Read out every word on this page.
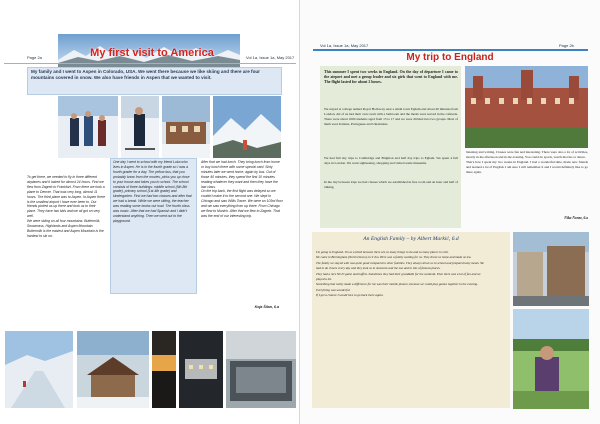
Page 2a	Vol 1a, Issue 1a, May 2017
My first visit to America
My family and I went to Aspen in Colorado, USA. We went there because we like skiing and there are four mountains covered in snow. We also have friends in Aspen that we wanted to visit.
To get there, we needed to fly in three different airplanes and it lasted for almost 24 hours. First we flew from Zagreb to Frankfurt. From there we took a plane to Denver. That was very long, almost 11 hours. The third plane was to Aspen. In Aspen there is the smallest airport I have ever been to. Our friends picked us up there and took us to their place. They have two kids and we all got on very well.
We were skiing on all four mountains: Buttermilk, Snowmass, Highlands and Aspen Mountain. Buttermilk is the easiest and Aspen Mountain is the hardest to ski on.
One day I went to school with my friend Luka who lives in Aspen. He is in the fourth grade so I was a fourth grader for a day. The yellow bus, that you probably know from the movies, picks you up close to your house and takes you to school. The school consists of three buildings: middle school (5th-8th grade), primary school (1st-4th grade) and kindergarten. First we had two classes and after that we had a break. While we were sitting, the teacher was reading some books out loud. The fourth class was music. After that we had Spanish and I didn't understand anything. Then we went out to the playground.
After that we had lunch. They bring lunch from home or buy lunch there with some special card. Sixty minutes later we went home, again by bus. Out of those 40 minutes, they spend the first 10 minutes reading whatever they want and then they have the last class.
On the trip back, the first flight was delayed so we couldn't make it to the second one. We slept in Chicago and saw Willis Tower. We were on 103rd floor and we saw everything from up there. From Chicago we flew to Munich. After that we flew to Zagreb. That was the end of our interesting trip.
Koja Šilan, 6.a
Vol 1a, Issue 1a, May 2017	Page 2b
My trip to England
This summer I spent two weeks in England. On the day of departure I came to the airport and met a group leader and six girls that went to England with me. The flight lasted for about 2 hours.
We stayed at college named Royal Holloway near a small town Egham and about 40 minutes from London. All of us had their own room with a bathroom and the meals were served in the cafeteria. There were about 1000 students aged from 13 to 17 and we were divided into two groups. Most of them were Italians, Portuguese and Ukrainians.
We had full day trips to Cambridge and Brighton and half day trips to Egham. We spent 4 full days in London. We went sightseeing, shopping and visited some museums.
In the day between trips we had classes which we established in free room and an hour and half of talking,
listening and writing. Classes were fun and interesting. There were also a lot of activities, mostly in the afternoon and in the evening. You could do sports, watch movies or dance.
That's how I spent my two weeks in England. I had a wonderful time, made new friends and learned a lot of English. I am sure I will remember it and I would definitely like to go there again.
Nika Nonez, 6.a
An English Family – by Albert Markić, 6.d
I'm going to England. I'm so excited because there are so many things to do and so many places to visit.
We came to Birmingham (North Devon) on 9 Jun. Here was a family waiting for us. They drove us home and made us tea.
The family we stayed with was quite good compared to other families. They always drove us to school and prepared tasty meals. We had to do chores every day and they took us to museums and the zoo and to lots of famous places.
They had a nice Wi-Fi game and buffets. Sometimes they had their grandkids for the weekend. Then there was a lot of fun and we played a lot.
Something that really made a difference for me was their mobile phones, because we could play games together in the evening. Everything was wonderful.
If I get a chance I would love to go back there again.
